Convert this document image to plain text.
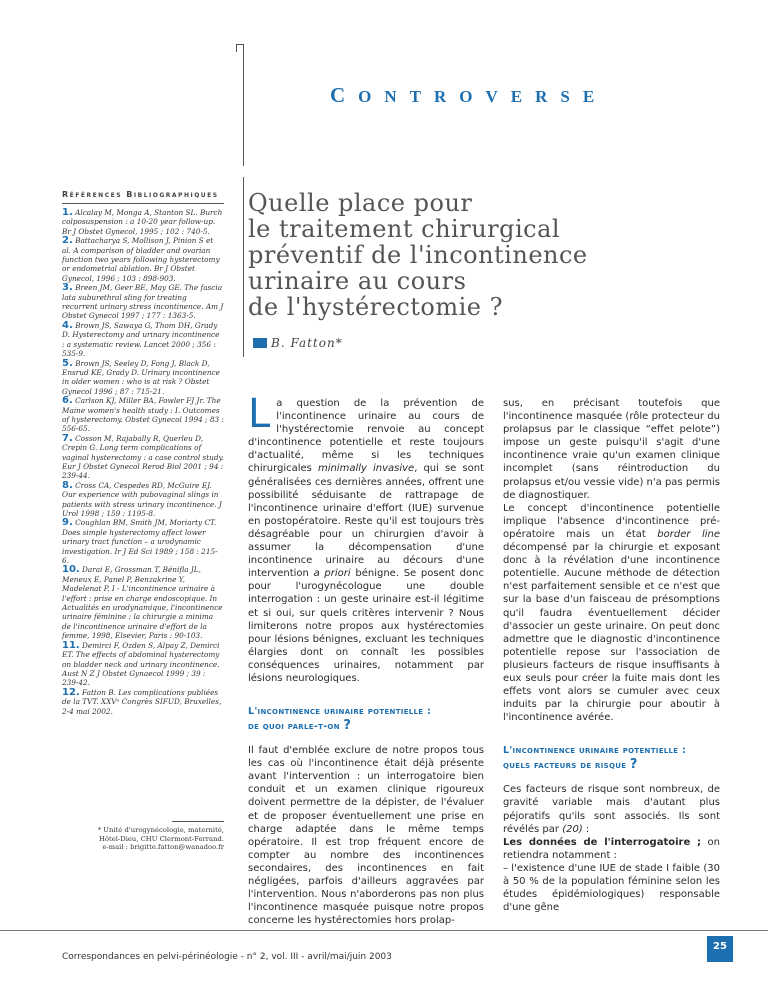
CONTROVERSE
Références Bibliographiques
1. Alcalay M, Monga A, Stanton SL. Burch colposuspension : a 10-20 year follow-up. Br J Obstet Gynecol, 1995 ; 102 : 740-5.
2. Battacharya S, Mollison J, Pinion S et al. A comparison of bladder and ovarian function two years following hysterectomy or endometrial ablation. Br J Obstet Gynecol, 1996 ; 103 : 898-903.
3. Breen JM, Geer BE, May GE. The fascia lata suburethral sling for treating recurrent urinary stress incontinence. Am J Obstet Gynecol 1997 ; 177 : 1363-5.
4. Brown JS, Sawaya G, Thom DH, Grady D. Hysterectomy and urinary incontinence : a systematic review. Lancet 2000 ; 356 : 535-9.
5. Brown JS, Seeley D, Fong J, Black D, Ensrud KE, Grady D. Urinary incontinence in older women : who is at risk ? Obstet Gynecol 1996 ; 87 : 715-21.
6. Carlson KJ, Miller BA, Fowler FJ Jr. The Maine women's health study : I. Outcomes of hysterectomy. Obstet Gynecol 1994 ; 83 : 556-65.
7. Cosson M, Rajabally R, Querleu D, Crepin G. Long term complications of vaginal hysterectomy : a case control study. Eur J Obstet Gynecol Rerod Biol 2001 ; 94 : 239-44.
8. Cross CA, Cespedes RD, McGuire EJ. Our experience with pubovaginal slings in patients with stress urinary incontinence. J Urol 1998 ; 159 : 1195-8.
9. Coughlan BM, Smith JM, Moriarty CT. Does simple hysterectomy affect lower urinary tract function – a urodynamic investigation. Ir J Ed Sci 1989 ; 158 : 215-6.
10. Darai E, Grossman T, Bénifla JL, Meneux E, Panel P, Benzakrine Y, Madelenat P. I - L'incontinence urinaire à l'effort : prise en charge endoscopique. In Actualités en urodynamique, l'incontinence urinaire féminine : la chirurgie a minima de l'incontinence urinaire d'effort de la femme, 1998, Elsevier, Paris : 90-103.
11. Demirci F, Ozden S, Alpay Z, Demirci ET. The effects of abdominal hysterectomy on bladder neck and urinary incontinence. Aust N Z J Obstet Gynaecol 1999 ; 39 : 239-42.
12. Fatton B. Les complications publiées de la TVT. XXVᵉ Congrès SIFUD, Bruxelles, 2-4 mai 2002.
* Unité d'urogynécologie, maternité,
Hôtel-Dieu, CHU Clermont-Ferrand.
e-mail : brigitte.fatton@wanadoo.fr
Quelle place pour
le traitement chirurgical
préventif de l'incontinence
urinaire au cours
de l'hystérectomie ?
B. Fatton*

La question de la prévention de l'incontinence urinaire au cours de l'hystérectomie renvoie au concept d'incontinence potentielle et reste toujours d'actualité, même si les techniques chirurgicales minimally invasive, qui se sont généralisées ces dernières années, offrent une possibilité séduisante de rattrapage de l'incontinence urinaire d'effort (IUE) survenue en postopératoire. Reste qu'il est toujours très désagréable pour un chirurgien d'avoir à assumer la décompensation d'une incontinence urinaire au décours d'une intervention a priori bénigne. Se posent donc pour l'urogynécologue une double interrogation : un geste urinaire est-il légitime et si oui, sur quels critères intervenir ? Nous limiterons notre propos aux hystérectomies pour lésions bénignes, excluant les techniques élargies dont on connaît les possibles conséquences urinaires, notamment par lésions neurologiques.

L'incontinence urinaire potentielle :
de quoi parle-t-on ?

Il faut d'emblée exclure de notre propos tous les cas où l'incontinence était déjà présente avant l'intervention : un interrogatoire bien conduit et un examen clinique rigoureux doivent permettre de la dépister, de l'évaluer et de proposer éventuellement une prise en charge adaptée dans le même temps opératoire. Il est trop fréquent encore de compter au nombre des incontinences secondaires, des incontinences en fait négligées, parfois d'ailleurs aggravées par l'intervention. Nous n'aborderons pas non plus l'incontinence masquée puisque notre propos concerne les hystérectomies hors prolap-

sus, en précisant toutefois que l'incontinence masquée (rôle protecteur du prolapsus par le classique “effet pelote”) impose un geste puisqu'il s'agit d'une incontinence vraie qu'un examen clinique incomplet (sans réintroduction du prolapsus et/ou vessie vide) n'a pas permis de diagnostiquer.

Le concept d'incontinence potentielle implique l'absence d'incontinence pré-opératoire mais un état border line décompensé par la chirurgie et exposant donc à la révélation d'une incontinence potentielle. Aucune méthode de détection n'est parfaitement sensible et ce n'est que sur la base d'un faisceau de présomptions qu'il faudra éventuellement décider d'associer un geste urinaire. On peut donc admettre que le diagnostic d'incontinence potentielle repose sur l'association de plusieurs facteurs de risque insuffisants à eux seuls pour créer la fuite mais dont les effets vont alors se cumuler avec ceux induits par la chirurgie pour aboutir à l'incontinence avérée.

L'incontinence urinaire potentielle :
quels facteurs de risque ?

Ces facteurs de risque sont nombreux, de gravité variable mais d'autant plus péjoratifs qu'ils sont associés. Ils sont révélés par (20) :

Les données de l'interrogatoire ; on retiendra notamment :

– l'existence d'une IUE de stade I faible (30 à 50 % de la population féminine selon les études épidémiologiques) responsable d'une gêne

Correspondances en pelvi-périnéologie - n° 2, vol. III - avril/mai/juin 2003
25
